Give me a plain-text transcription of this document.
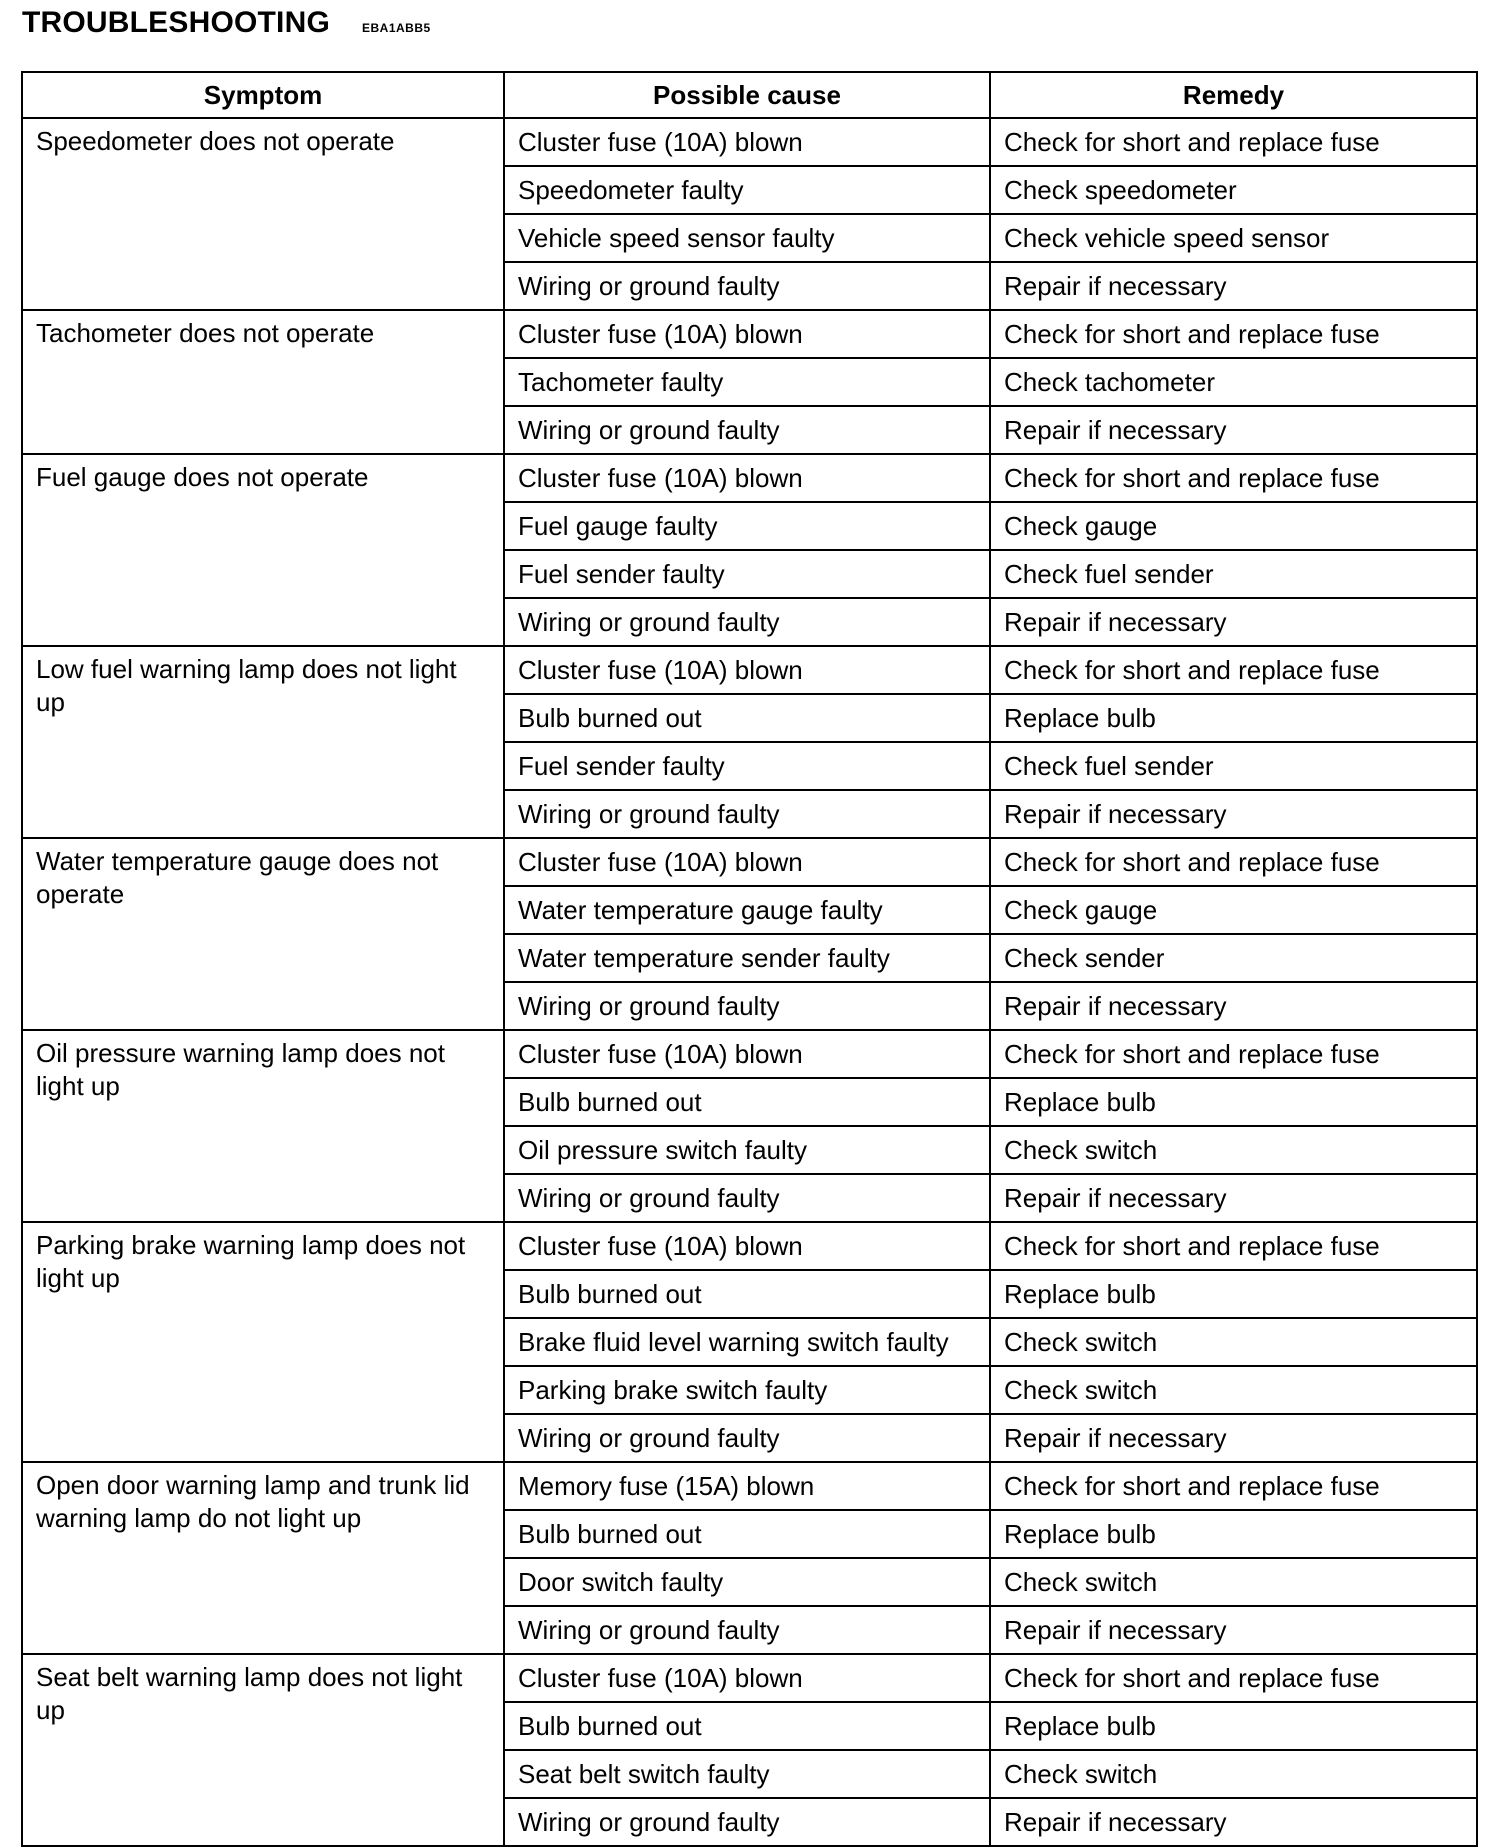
TROUBLESHOOTING	EBA1ABB5
Symptom	Possible cause	Remedy
Speedometer does not operate	Cluster fuse (10A) blown	Check for short and replace fuse
	Speedometer faulty	Check speedometer
	Vehicle speed sensor faulty	Check vehicle speed sensor
	Wiring or ground faulty	Repair if necessary
Tachometer does not operate	Cluster fuse (10A) blown	Check for short and replace fuse
	Tachometer faulty	Check tachometer
	Wiring or ground faulty	Repair if necessary
Fuel gauge does not operate	Cluster fuse (10A) blown	Check for short and replace fuse
	Fuel gauge faulty	Check gauge
	Fuel sender faulty	Check fuel sender
	Wiring or ground faulty	Repair if necessary
Low fuel warning lamp does not light up	Cluster fuse (10A) blown	Check for short and replace fuse
	Bulb burned out	Replace bulb
	Fuel sender faulty	Check fuel sender
	Wiring or ground faulty	Repair if necessary
Water temperature gauge does not operate	Cluster fuse (10A) blown	Check for short and replace fuse
	Water temperature gauge faulty	Check gauge
	Water temperature sender faulty	Check sender
	Wiring or ground faulty	Repair if necessary
Oil pressure warning lamp does not light up	Cluster fuse (10A) blown	Check for short and replace fuse
	Bulb burned out	Replace bulb
	Oil pressure switch faulty	Check switch
	Wiring or ground faulty	Repair if necessary
Parking brake warning lamp does not light up	Cluster fuse (10A) blown	Check for short and replace fuse
	Bulb burned out	Replace bulb
	Brake fluid level warning switch faulty	Check switch
	Parking brake switch faulty	Check switch
	Wiring or ground faulty	Repair if necessary
Open door warning lamp and trunk lid warning lamp do not light up	Memory fuse (15A) blown	Check for short and replace fuse
	Bulb burned out	Replace bulb
	Door switch faulty	Check switch
	Wiring or ground faulty	Repair if necessary
Seat belt warning lamp does not light up	Cluster fuse (10A) blown	Check for short and replace fuse
	Bulb burned out	Replace bulb
	Seat belt switch faulty	Check switch
	Wiring or ground faulty	Repair if necessary
